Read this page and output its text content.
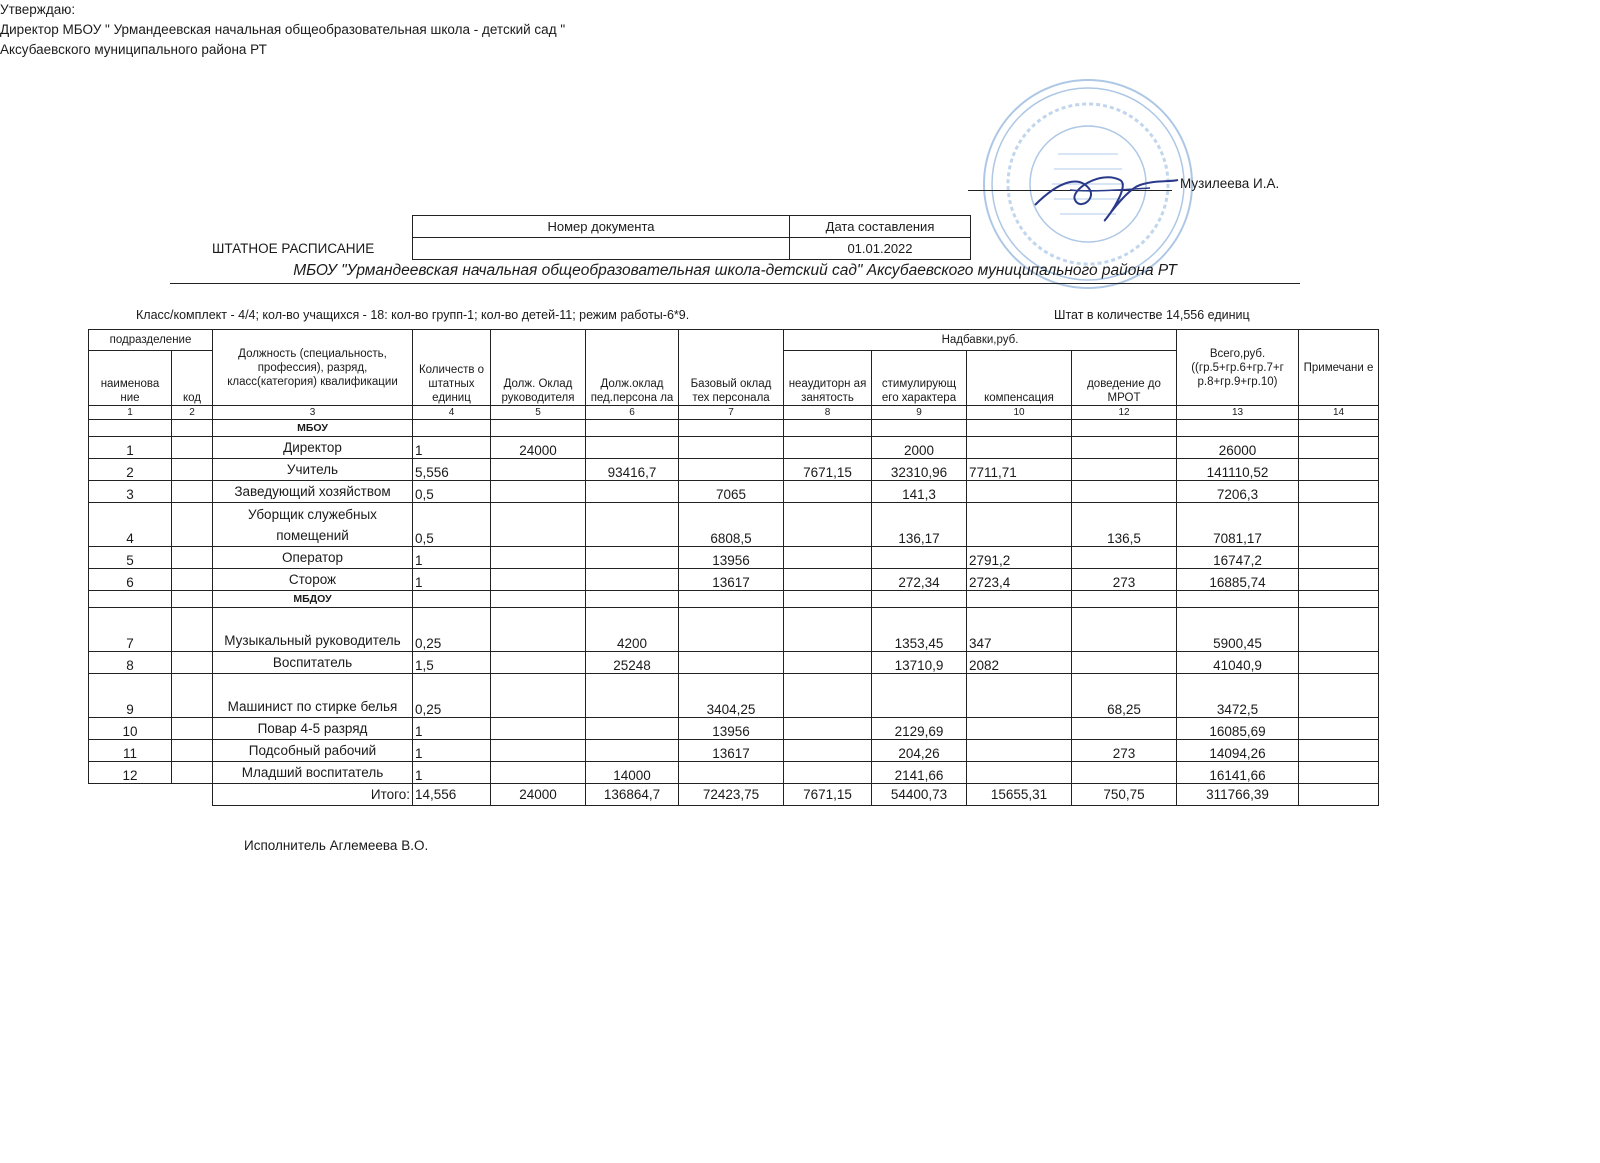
Утверждаю:
Директор МБОУ " Урмандеевская начальная общеобразовательная школа - детский сад "
Аксубаевского муниципального района РТ
Музилеева И.А.
ШТАТНОЕ РАСПИСАНИЕ
Номер документа	Дата составления
	01.01.2022
МБОУ "Урмандеевская начальная общеобразовательная школа-детский сад" Аксубаевского муниципального района РТ
Класс/комплект - 4/4; кол-во учащихся - 18: кол-во групп-1; кол-во детей-11; режим работы-6*9.	Штат в количестве 14,556 единиц
подразделение		Должность (специальность, профессия), разряд, класс(категория) квалификации	Количеств о штатных единиц	Долж. Оклад руководителя	Долж.оклад пед.персона ла	Базовый оклад тех персонала	Надбавки,руб.				Всего,руб. ((гр.5+гр.6+гр.7+г р.8+гр.9+гр.10)	Примечани е
наименова ние	код						неаудиторн ая занятость	стимулирующ его характера	компенсация	доведение до МРОТ		
1	2	3	4	5	6	7	8	9	10	12	13	14
		МБОУ										
1		Директор	1	24000				2000			26000	
2		Учитель	5,556		93416,7		7671,15	32310,96	7711,71		141110,52	
3		Заведующий хозяйством	0,5			7065		141,3			7206,3	
4		Уборщик служебных помещений	0,5			6808,5		136,17		136,5	7081,17	
5		Оператор	1			13956			2791,2		16747,2	
6		Сторож	1			13617		272,34	2723,4	273	16885,74	
		МБДОУ										
7		Музыкальный руководитель	0,25		4200			1353,45	347		5900,45	
8		Воспитатель	1,5		25248			13710,9	2082		41040,9	
9		Машинист по стирке белья	0,25			3404,25				68,25	3472,5	
10		Повар 4-5 разряд	1			13956		2129,69			16085,69	
11		Подсобный рабочий	1			13617		204,26		273	14094,26	
12		Младший воспитатель	1		14000			2141,66			16141,66	
		Итого:	14,556	24000	136864,7	72423,75	7671,15	54400,73	15655,31	750,75	311766,39	
Исполнитель Аглемеева В.О.
